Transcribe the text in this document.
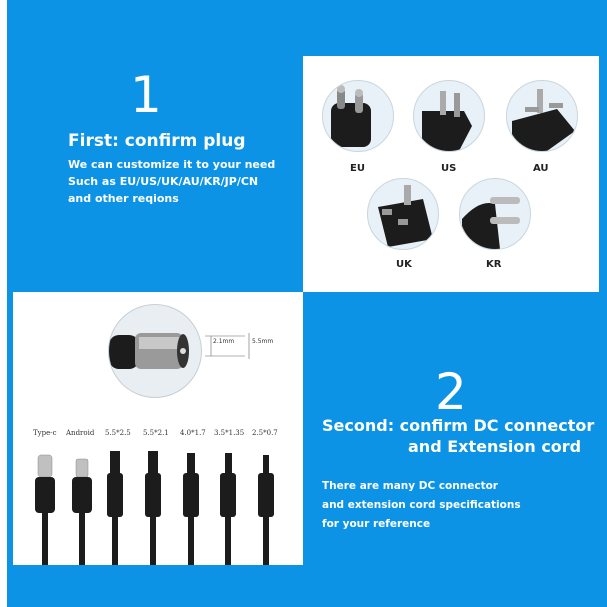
1
First: confirm plug
We can customize it to your need
Such as EU/US/UK/AU/KR/JP/CN
and other reqions
EU	US	AU
UK	KR
2.1mm	5.5mm
Type-c Android 5.5*2.5 5.5*2.1 4.0*1.7 3.5*1.35 2.5*0.7
2
Second: confirm DC connector
and Extension cord
There are many DC connector
and extension cord specifications
for your reference
